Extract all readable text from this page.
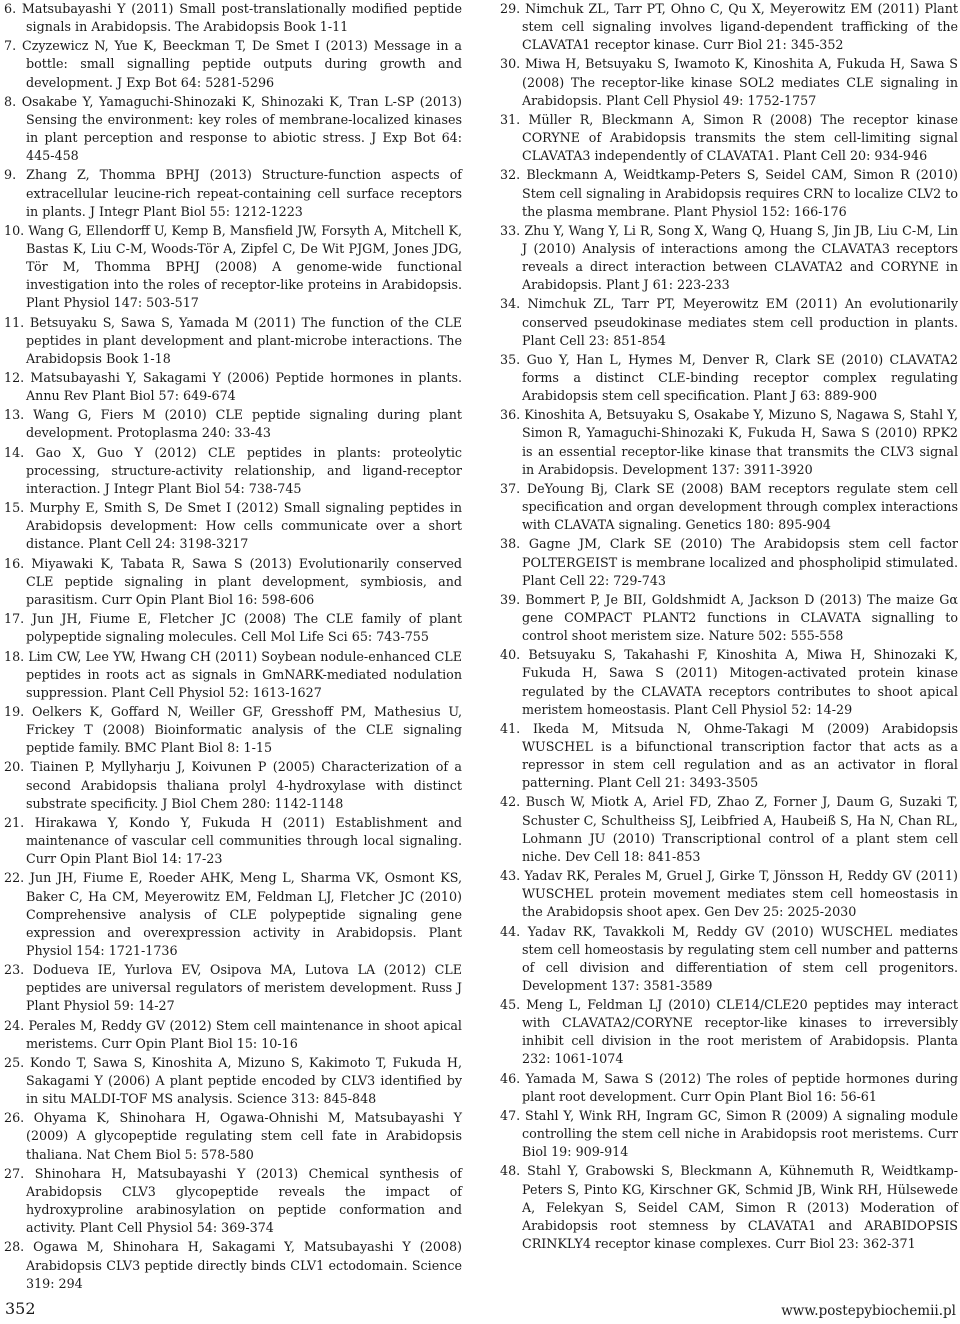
6. Matsubayashi Y (2011) Small post-translationally modified peptide signals in Arabidopsis. The Arabidopsis Book 1-11

7. Czyzewicz N, Yue K, Beeckman T, De Smet I (2013) Message in a bottle: small signalling peptide outputs during growth and development. J Exp Bot 64: 5281-5296

8. Osakabe Y, Yamaguchi-Shinozaki K, Shinozaki K, Tran L-SP (2013) Sensing the environment: key roles of membrane-localized kinases in plant perception and response to abiotic stress. J Exp Bot 64: 445-458

9. Zhang Z, Thomma BPHJ (2013) Structure-function aspects of extracellular leucine-rich repeat-containing cell surface receptors in plants. J Integr Plant Biol 55: 1212-1223

10. Wang G, Ellendorff U, Kemp B, Mansfield JW, Forsyth A, Mitchell K, Bastas K, Liu C-M, Woods-Tör A, Zipfel C, De Wit PJGM, Jones JDG, Tör M, Thomma BPHJ (2008) A genome-wide functional investigation into the roles of receptor-like proteins in Arabidopsis. Plant Physiol 147: 503-517

11. Betsuyaku S, Sawa S, Yamada M (2011) The function of the CLE peptides in plant development and plant-microbe interactions. The Arabidopsis Book 1-18

12. Matsubayashi Y, Sakagami Y (2006) Peptide hormones in plants. Annu Rev Plant Biol 57: 649-674

13. Wang G, Fiers M (2010) CLE peptide signaling during plant development. Protoplasma 240: 33-43

14. Gao X, Guo Y (2012) CLE peptides in plants: proteolytic processing, structure-activity relationship, and ligand-receptor interaction. J Integr Plant Biol 54: 738-745

15. Murphy E, Smith S, De Smet I (2012) Small signaling peptides in Arabidopsis development: How cells communicate over a short distance. Plant Cell 24: 3198-3217

16. Miyawaki K, Tabata R, Sawa S (2013) Evolutionarily conserved CLE peptide signaling in plant development, symbiosis, and parasitism. Curr Opin Plant Biol 16: 598-606

17. Jun JH, Fiume E, Fletcher JC (2008) The CLE family of plant polypeptide signaling molecules. Cell Mol Life Sci 65: 743-755

18. Lim CW, Lee YW, Hwang CH (2011) Soybean nodule-enhanced CLE peptides in roots act as signals in GmNARK-mediated nodulation suppression. Plant Cell Physiol 52: 1613-1627

19. Oelkers K, Goffard N, Weiller GF, Gresshoff PM, Mathesius U, Frickey T (2008) Bioinformatic analysis of the CLE signaling peptide family. BMC Plant Biol 8: 1-15

20. Tiainen P, Myllyharju J, Koivunen P (2005) Characterization of a second Arabidopsis thaliana prolyl 4-hydroxylase with distinct substrate specificity. J Biol Chem 280: 1142-1148

21. Hirakawa Y, Kondo Y, Fukuda H (2011) Establishment and maintenance of vascular cell communities through local signaling. Curr Opin Plant Biol 14: 17-23

22. Jun JH, Fiume E, Roeder AHK, Meng L, Sharma VK, Osmont KS, Baker C, Ha CM, Meyerowitz EM, Feldman LJ, Fletcher JC (2010) Comprehensive analysis of CLE polypeptide signaling gene expression and overexpression activity in Arabidopsis. Plant Physiol 154: 1721-1736

23. Dodueva IE, Yurlova EV, Osipova MA, Lutova LA (2012) CLE peptides are universal regulators of meristem development. Russ J Plant Physiol 59: 14-27

24. Perales M, Reddy GV (2012) Stem cell maintenance in shoot apical meristems. Curr Opin Plant Biol 15: 10-16

25. Kondo T, Sawa S, Kinoshita A, Mizuno S, Kakimoto T, Fukuda H, Sakagami Y (2006) A plant peptide encoded by CLV3 identified by in situ MALDI-TOF MS analysis. Science 313: 845-848

26. Ohyama K, Shinohara H, Ogawa-Ohnishi M, Matsubayashi Y (2009) A glycopeptide regulating stem cell fate in Arabidopsis thaliana. Nat Chem Biol 5: 578-580

27. Shinohara H, Matsubayashi Y (2013) Chemical synthesis of Arabidopsis CLV3 glycopeptide reveals the impact of hydroxyproline arabinosylation on peptide conformation and activity. Plant Cell Physiol 54: 369-374

28. Ogawa M, Shinohara H, Sakagami Y, Matsubayashi Y (2008) Arabidopsis CLV3 peptide directly binds CLV1 ectodomain. Science 319: 294

29. Nimchuk ZL, Tarr PT, Ohno C, Qu X, Meyerowitz EM (2011) Plant stem cell signaling involves ligand-dependent trafficking of the CLAVATA1 receptor kinase. Curr Biol 21: 345-352

30. Miwa H, Betsuyaku S, Iwamoto K, Kinoshita A, Fukuda H, Sawa S (2008) The receptor-like kinase SOL2 mediates CLE signaling in Arabidopsis. Plant Cell Physiol 49: 1752-1757

31. Müller R, Bleckmann A, Simon R (2008) The receptor kinase CORYNE of Arabidopsis transmits the stem cell-limiting signal CLAVATA3 independently of CLAVATA1. Plant Cell 20: 934-946

32. Bleckmann A, Weidtkamp-Peters S, Seidel CAM, Simon R (2010) Stem cell signaling in Arabidopsis requires CRN to localize CLV2 to the plasma membrane. Plant Physiol 152: 166-176

33. Zhu Y, Wang Y, Li R, Song X, Wang Q, Huang S, Jin JB, Liu C-M, Lin J (2010) Analysis of interactions among the CLAVATA3 receptors reveals a direct interaction between CLAVATA2 and CORYNE in Arabidopsis. Plant J 61: 223-233

34. Nimchuk ZL, Tarr PT, Meyerowitz EM (2011) An evolutionarily conserved pseudokinase mediates stem cell production in plants. Plant Cell 23: 851-854

35. Guo Y, Han L, Hymes M, Denver R, Clark SE (2010) CLAVATA2 forms a distinct CLE-binding receptor complex regulating Arabidopsis stem cell specification. Plant J 63: 889-900

36. Kinoshita A, Betsuyaku S, Osakabe Y, Mizuno S, Nagawa S, Stahl Y, Simon R, Yamaguchi-Shinozaki K, Fukuda H, Sawa S (2010) RPK2 is an essential receptor-like kinase that transmits the CLV3 signal in Arabidopsis. Development 137: 3911-3920

37. DeYoung Bj, Clark SE (2008) BAM receptors regulate stem cell specification and organ development through complex interactions with CLAVATA signaling. Genetics 180: 895-904

38. Gagne JM, Clark SE (2010) The Arabidopsis stem cell factor POLTERGEIST is membrane localized and phospholipid stimulated. Plant Cell 22: 729-743

39. Bommert P, Je BII, Goldshmidt A, Jackson D (2013) The maize Gα gene COMPACT PLANT2 functions in CLAVATA signalling to control shoot meristem size. Nature 502: 555-558

40. Betsuyaku S, Takahashi F, Kinoshita A, Miwa H, Shinozaki K, Fukuda H, Sawa S (2011) Mitogen-activated protein kinase regulated by the CLAVATA receptors contributes to shoot apical meristem homeostasis. Plant Cell Physiol 52: 14-29

41. Ikeda M, Mitsuda N, Ohme-Takagi M (2009) Arabidopsis WUSCHEL is a bifunctional transcription factor that acts as a repressor in stem cell regulation and as an activator in floral patterning. Plant Cell 21: 3493-3505

42. Busch W, Miotk A, Ariel FD, Zhao Z, Forner J, Daum G, Suzaki T, Schuster C, Schultheiss SJ, Leibfried A, Haubeiß S, Ha N, Chan RL, Lohmann JU (2010) Transcriptional control of a plant stem cell niche. Dev Cell 18: 841-853

43. Yadav RK, Perales M, Gruel J, Girke T, Jönsson H, Reddy GV (2011) WUSCHEL protein movement mediates stem cell homeostasis in the Arabidopsis shoot apex. Gen Dev 25: 2025-2030

44. Yadav RK, Tavakkoli M, Reddy GV (2010) WUSCHEL mediates stem cell homeostasis by regulating stem cell number and patterns of cell division and differentiation of stem cell progenitors. Development 137: 3581-3589

45. Meng L, Feldman LJ (2010) CLE14/CLE20 peptides may interact with CLAVATA2/CORYNE receptor-like kinases to irreversibly inhibit cell division in the root meristem of Arabidopsis. Planta 232: 1061-1074

46. Yamada M, Sawa S (2012) The roles of peptide hormones during plant root development. Curr Opin Plant Biol 16: 56-61

47. Stahl Y, Wink RH, Ingram GC, Simon R (2009) A signaling module controlling the stem cell niche in Arabidopsis root meristems. Curr Biol 19: 909-914

48. Stahl Y, Grabowski S, Bleckmann A, Kühnemuth R, Weidtkamp-Peters S, Pinto KG, Kirschner GK, Schmid JB, Wink RH, Hülsewede A, Felekyan S, Seidel CAM, Simon R (2013) Moderation of Arabidopsis root stemness by CLAVATA1 and ARABIDOPSIS CRINKLY4 receptor kinase complexes. Curr Biol 23: 362-371

352	www.postepybiochemii.pl
